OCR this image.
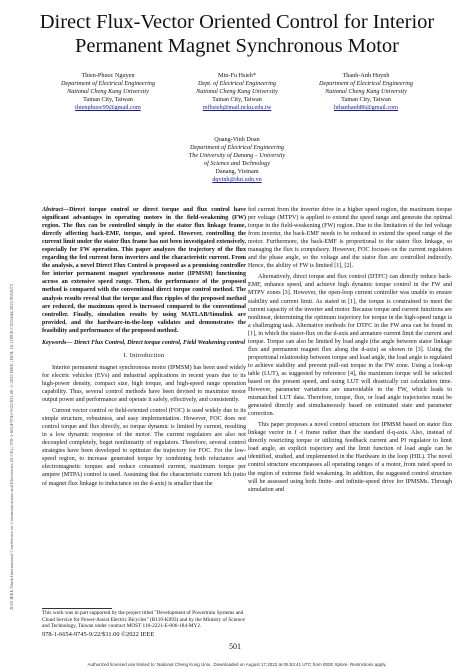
2022 IEEE Ninth International Conference on Communications and Electronics (ICCE) | 978-1-6654-9745-9/22/$31.00 ©2022 IEEE | DOI: 10.1109/ICCE55644.2022.9852072
Direct Flux-Vector Oriented Control for Interior Permanent Magnet Synchronous Motor
Thien-Phuoc Nguyen
Department of Electrical Engineering
National Cheng Kung University
Tainan City, Taiwan
thienphuoc99@gmail.com
Min-Fu Hsieh*
Dept. of Electrical Engineering
National Cheng Kung University
Tainan City, Taiwan
mfhsieh@mail.ncku.edu.tw
Thanh-Anh Huynh
Department of Electrical Engineering
National Cheng Kung University
Tainan City, Taiwan
hthanhanh86@gmail.com
Quang-Vinh Doan
Department of Electrical Engineering
The University of Danang – University
of Science and Technology
Danang, Vietnam
dqvinh@dut.udn.vn

Abstract—Direct torque control or direct torque and flux control have significant advantages in operating motors in the field-weakening (FW) region. The flux can be controlled simply in the stator flux linkage frame, directly affecting back-EMF, torque, and speed. However, controlling the current limit under the stator flux frame has not been investigated extensively, especially for FW operation. This paper analyzes the trajectory of the flux regarding the fed current form inverters and the characteristic current. From the analysis, a novel Direct Flux Control is proposed as a promising controller for interior permanent magnet synchronous motor (IPMSM) functioning across an extensive speed range. Then, the performance of the proposed method is compared with the conventional direct torque control method. The analysis results reveal that the torque and flux ripples of the proposed method are reduced, the maximum speed is increased compared to the conventional controller. Finally, simulation results by using MATLAB/Simulink are provided, and the hardware-in-the-loop validates and demonstrates the feasibility and performance of the proposed method.

Keywords— Direct Flux Control, Direct torque control, Field Weakening control

I. Introduction

Interior permanent magnet synchronous motor (IPMSM) has been used widely for electric vehicles (EVs) and industrial applications in recent years due to its high-power density, compact size, high torque, and high-speed range operation capability. Thus, several control methods have been devised to maximize motor output power and performance and operate it safely, effectively, and consistently.

Current vector control or field-oriented control (FOC) is used widely due to its simple structure, robustness, and easy implementation. However, FOC does not control torque and flux directly, so torque dynamic is limited by current, resulting in a low dynamic response of the motor. The current regulators are also not decoupled completely, beget nonlinearity of regulators. Therefore, several control strategies have been developed to optimize the trajectory for FOC. For the low-speed region, to increase generated torque by combining both reluctance and electromagnetic torques and reduce consumed current, maximum torque per ampere (MTPA) control is used. Assuming that the characteristic current Ich (ratio of magnet flux linkage to inductance on the d-axis) is smaller than the

fed current from the inverter drive in a higher speed region, the maximum torque per voltage (MTPV) is applied to extend the speed range and generate the optimal torque in the field-weakening (FW) region. Due to the limitation of the fed voltage from inverter, the back-EMF needs to be reduced to extend the speed range of the motor. Furthermore, the back-EMF is proportional to the stator flux linkage, so managing the flux is compulsory. However, FOC focuses on the current regulators and the phase angle, so the voltage and the stator flux are controlled indirectly. Hence, the ability of FW is limited [1], [2].

Alternatively, direct torque and flux control (DTFC) can directly reduce back-EMF, enhance speed, and achieve high dynamic torque control in the FW and MTPV zones [3]. However, the open-loop current controller was unable to ensure stability and current limit. As stated in [1], the torque is constrained to meet the current capacity of the inverter and motor. Because torque and current functions are nonlinear, determining the optimum trajectory for torque in the high-speed range is a challenging task. Alternative methods for DTFC in the FW area can be found in [1], in which the stator-flux on the d-axis and armature current limit the current and torque. Torque can also be limited by load angle (the angle between stator linkage flux and permanent magnet flux along the d-axis) as shown in [3]. Using the proportional relationship between torque and load angle, the load angle is regulated to achieve stability and prevent pull-out torque in the FW zone. Using a look-up table (LUT), as suggested by reference [4], the maximum torque will be selected based on the present speed, and using LUT will drastically cut calculation time. However, parameter variations are unavoidable in the FW, which leads to mismatched LUT data. Therefore, torque, flux, or load angle trajectories must be generated directly and simultaneously based on estimated state and parameter correction.

This paper proposes a novel control structure for IPMSM based on stator flux linkage vector in f -t frame rather than the standard d-q-axis. Also, instead of directly restricting torque or utilizing feedback current and PI regulator to limit load angle, an explicit trajectory and the limit function of load angle can be identified, studied, and implemented in the Hardware in the loop (HIL). The novel control structure encompasses all operating ranges of a motor, from rated speed to the region of extreme field weakening. In addition, the suggested control structure will be assessed using both finite- and infinite-speed drive for IPMSMs. Through simulation and

This work was in part supported by the project titled "Development of Powertrain Systems and Cloud Service for Power-Assist Electric Bicycles" (B110-K093) and by the Ministry of Science and Technology, Taiwan under contract MOST 110-2221-E-006-184-MY2.
978-1-6654-9745-9/22/$31.00 ©2022 IEEE
501
Authorized licensed use limited to: National Cheng Kung Univ.. Downloaded on August 17,2022 at 05:53:41 UTC from IEEE Xplore. Restrictions apply.
